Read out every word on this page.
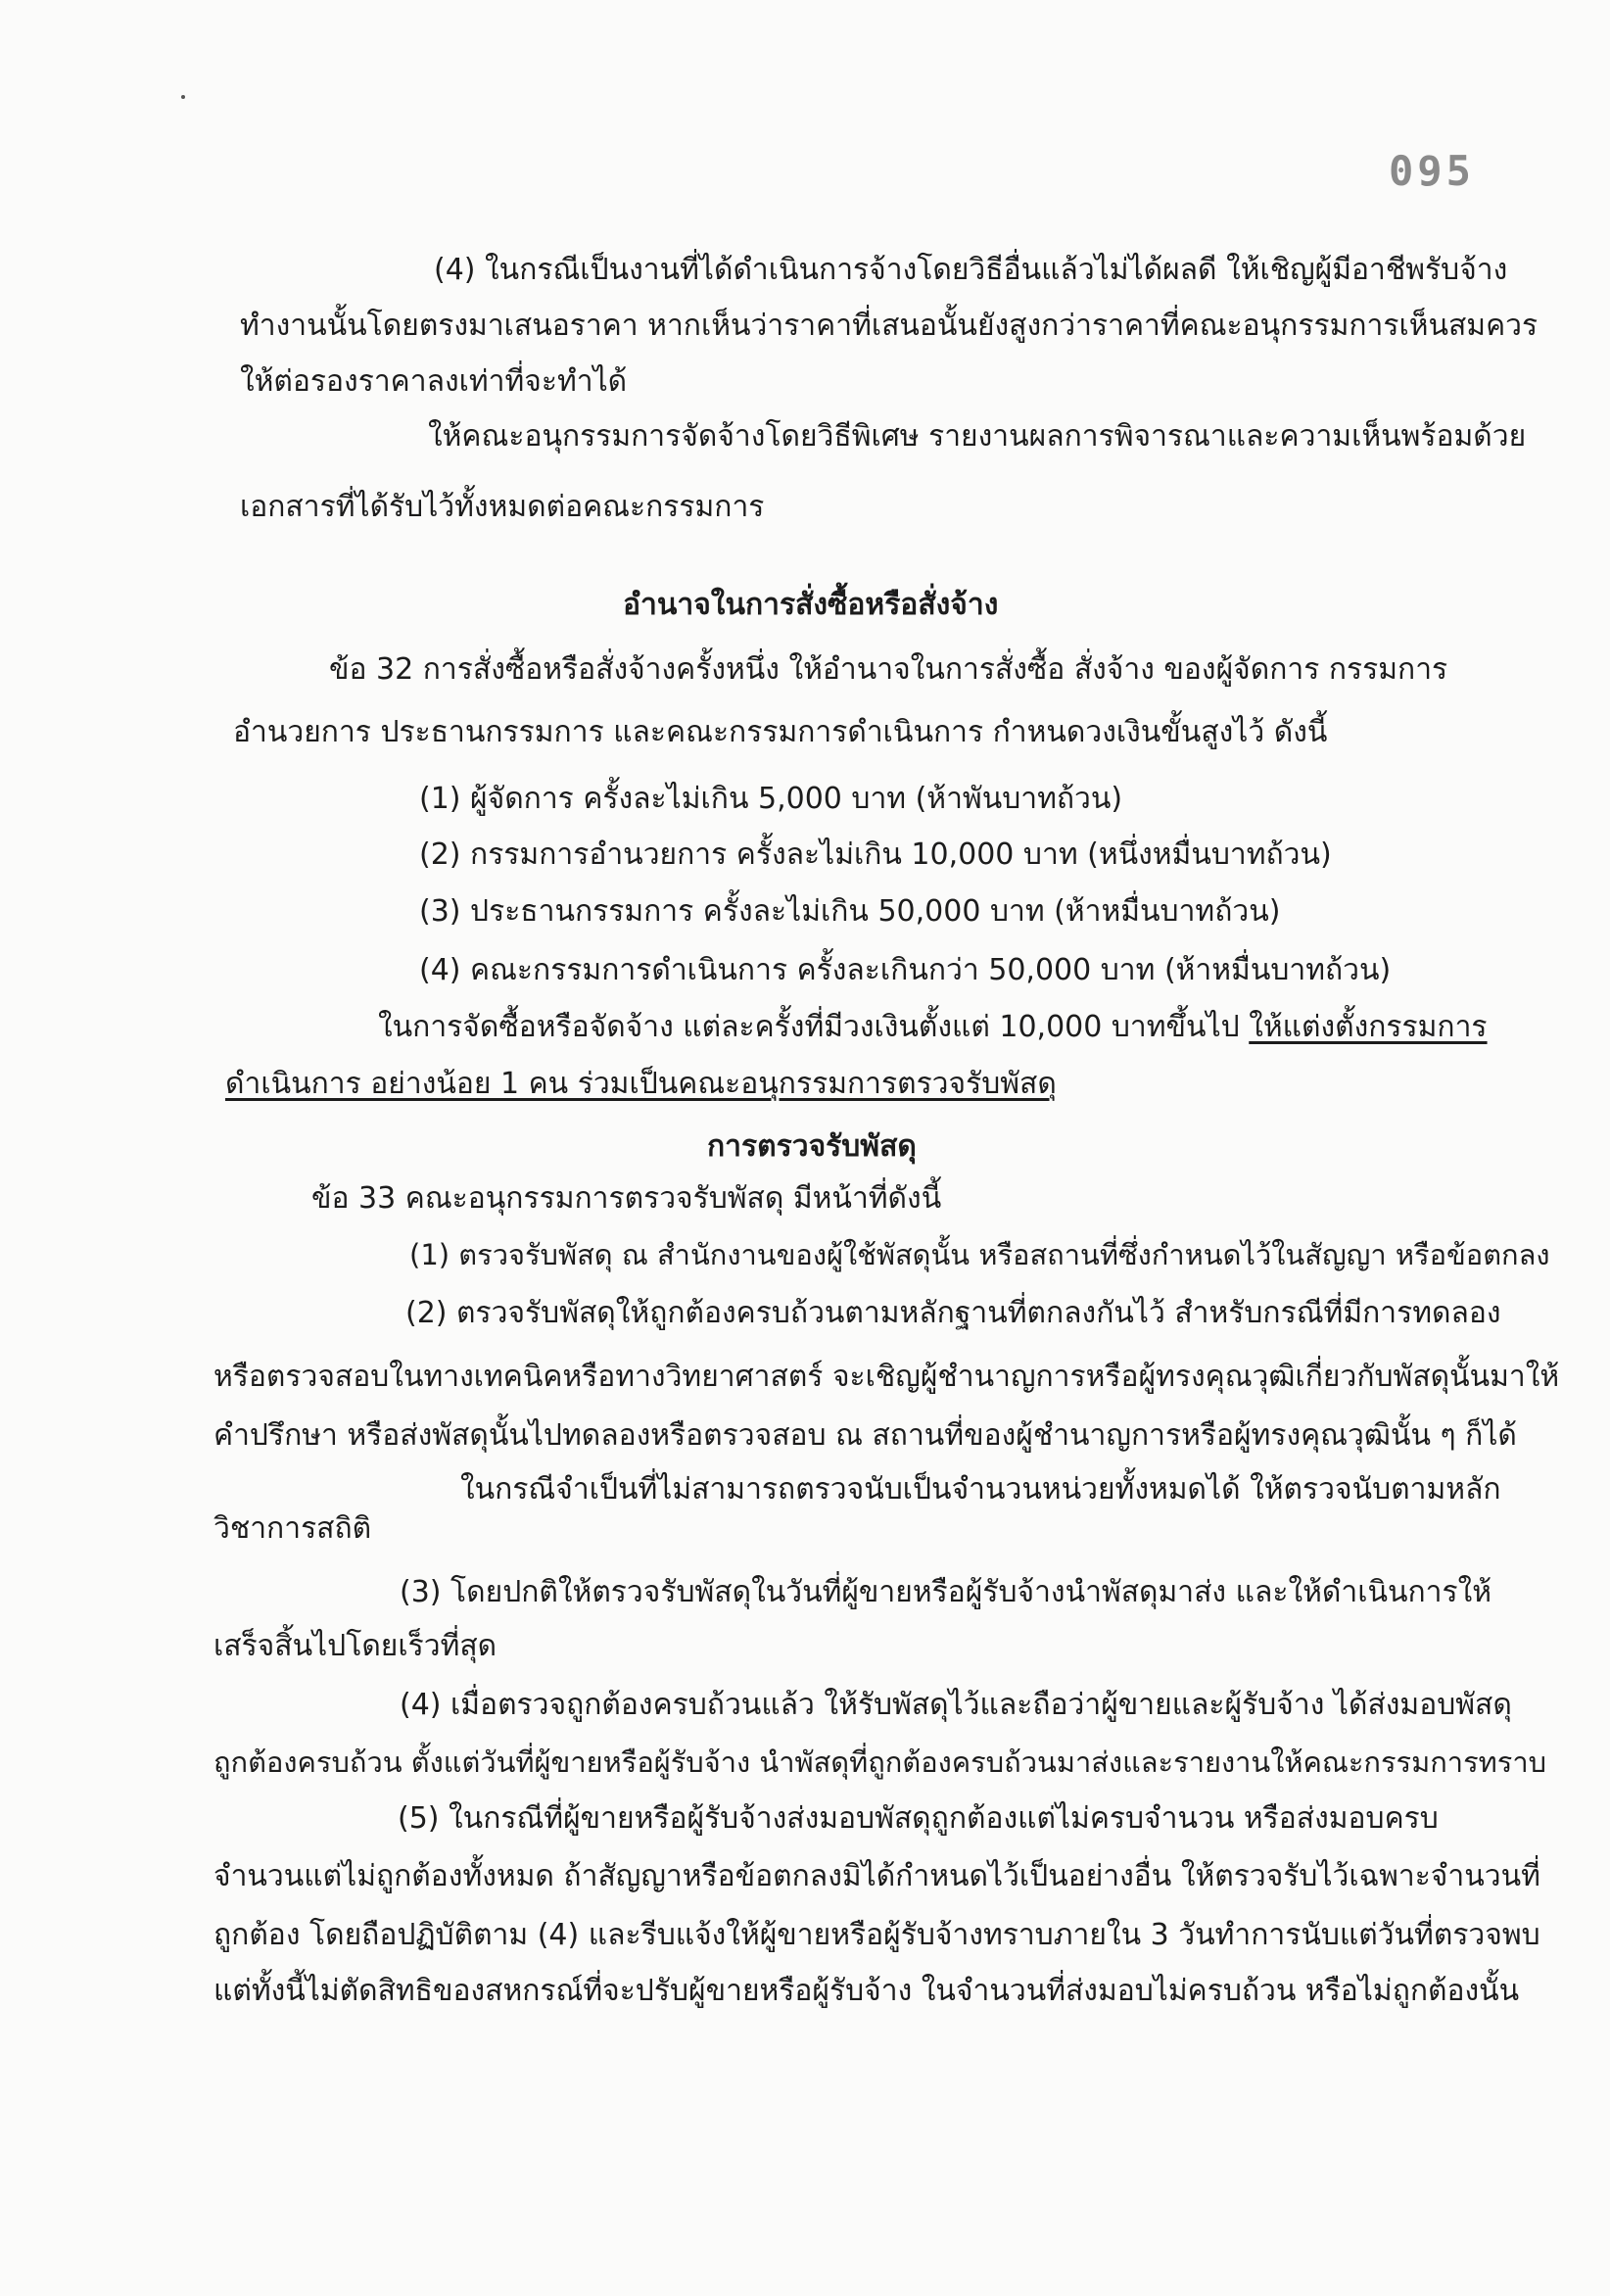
095
(4) ในกรณีเป็นงานที่ได้ดำเนินการจ้างโดยวิธีอื่นแล้วไม่ได้ผลดี ให้เชิญผู้มีอาชีพรับจ้าง
ทำงานนั้นโดยตรงมาเสนอราคา หากเห็นว่าราคาที่เสนอนั้นยังสูงกว่าราคาที่คณะอนุกรรมการเห็นสมควร
ให้ต่อรองราคาลงเท่าที่จะทำได้
ให้คณะอนุกรรมการจัดจ้างโดยวิธีพิเศษ รายงานผลการพิจารณาและความเห็นพร้อมด้วย
เอกสารที่ได้รับไว้ทั้งหมดต่อคณะกรรมการ
อำนาจในการสั่งซื้อหรือสั่งจ้าง
ข้อ 32 การสั่งซื้อหรือสั่งจ้างครั้งหนึ่ง ให้อำนาจในการสั่งซื้อ สั่งจ้าง ของผู้จัดการ กรรมการ
อำนวยการ ประธานกรรมการ และคณะกรรมการดำเนินการ กำหนดวงเงินขั้นสูงไว้ ดังนี้
(1) ผู้จัดการ ครั้งละไม่เกิน 5,000 บาท (ห้าพันบาทถ้วน)
(2) กรรมการอำนวยการ ครั้งละไม่เกิน 10,000 บาท (หนึ่งหมื่นบาทถ้วน)
(3) ประธานกรรมการ ครั้งละไม่เกิน 50,000 บาท (ห้าหมื่นบาทถ้วน)
(4) คณะกรรมการดำเนินการ ครั้งละเกินกว่า 50,000 บาท (ห้าหมื่นบาทถ้วน)
ในการจัดซื้อหรือจัดจ้าง แต่ละครั้งที่มีวงเงินตั้งแต่ 10,000 บาทขึ้นไป ให้แต่งตั้งกรรมการ
ดำเนินการ อย่างน้อย 1 คน ร่วมเป็นคณะอนุกรรมการตรวจรับพัสดุ
การตรวจรับพัสดุ
ข้อ 33 คณะอนุกรรมการตรวจรับพัสดุ มีหน้าที่ดังนี้
(1) ตรวจรับพัสดุ ณ สำนักงานของผู้ใช้พัสดุนั้น หรือสถานที่ซึ่งกำหนดไว้ในสัญญา หรือข้อตกลง
(2) ตรวจรับพัสดุให้ถูกต้องครบถ้วนตามหลักฐานที่ตกลงกันไว้ สำหรับกรณีที่มีการทดลอง
หรือตรวจสอบในทางเทคนิคหรือทางวิทยาศาสตร์ จะเชิญผู้ชำนาญการหรือผู้ทรงคุณวุฒิเกี่ยวกับพัสดุนั้นมาให้
คำปรึกษา หรือส่งพัสดุนั้นไปทดลองหรือตรวจสอบ ณ สถานที่ของผู้ชำนาญการหรือผู้ทรงคุณวุฒินั้น ๆ ก็ได้
ในกรณีจำเป็นที่ไม่สามารถตรวจนับเป็นจำนวนหน่วยทั้งหมดได้ ให้ตรวจนับตามหลัก
วิชาการสถิติ
(3) โดยปกติให้ตรวจรับพัสดุในวันที่ผู้ขายหรือผู้รับจ้างนำพัสดุมาส่ง และให้ดำเนินการให้
เสร็จสิ้นไปโดยเร็วที่สุด
(4) เมื่อตรวจถูกต้องครบถ้วนแล้ว ให้รับพัสดุไว้และถือว่าผู้ขายและผู้รับจ้าง ได้ส่งมอบพัสดุ
ถูกต้องครบถ้วน ตั้งแต่วันที่ผู้ขายหรือผู้รับจ้าง นำพัสดุที่ถูกต้องครบถ้วนมาส่งและรายงานให้คณะกรรมการทราบ
(5) ในกรณีที่ผู้ขายหรือผู้รับจ้างส่งมอบพัสดุถูกต้องแต่ไม่ครบจำนวน หรือส่งมอบครบ
จำนวนแต่ไม่ถูกต้องทั้งหมด ถ้าสัญญาหรือข้อตกลงมิได้กำหนดไว้เป็นอย่างอื่น ให้ตรวจรับไว้เฉพาะจำนวนที่
ถูกต้อง โดยถือปฏิบัติตาม (4) และรีบแจ้งให้ผู้ขายหรือผู้รับจ้างทราบภายใน 3 วันทำการนับแต่วันที่ตรวจพบ
แต่ทั้งนี้ไม่ตัดสิทธิของสหกรณ์ที่จะปรับผู้ขายหรือผู้รับจ้าง ในจำนวนที่ส่งมอบไม่ครบถ้วน หรือไม่ถูกต้องนั้น
